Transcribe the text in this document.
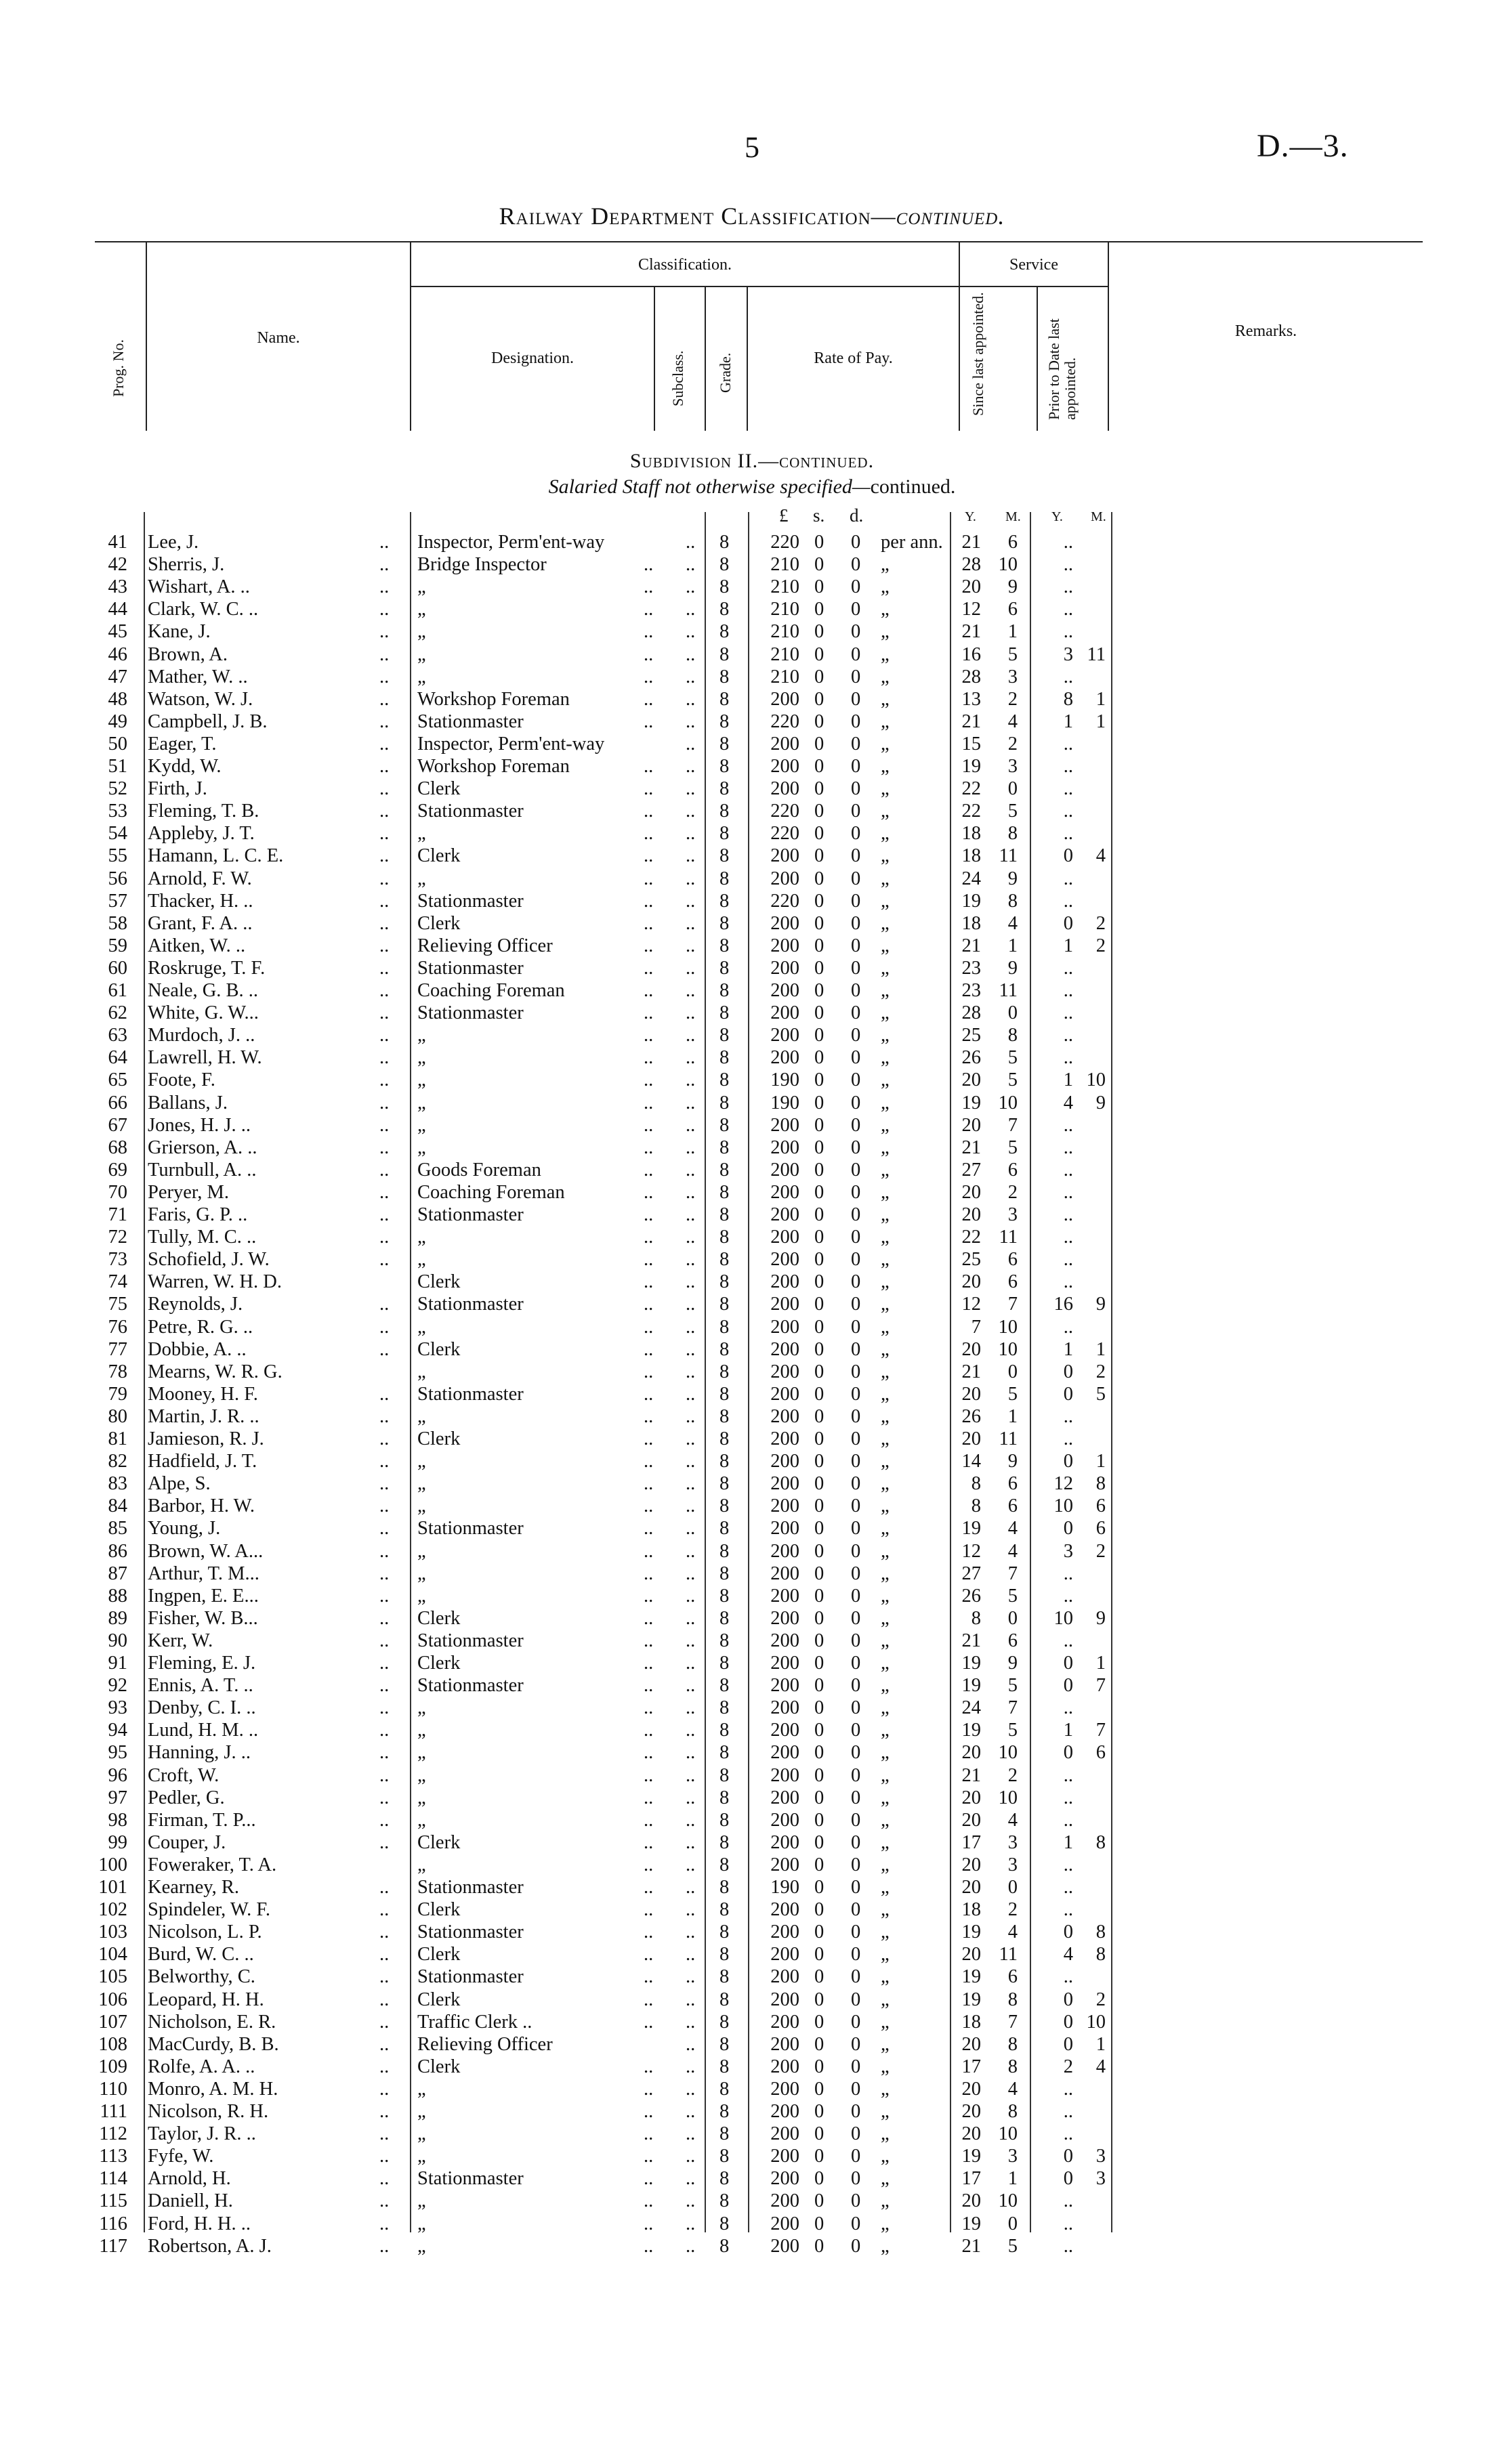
5	D.—3.
Railway Department Classification—continued.
Prog. No.
Name.
Classification.
Designation.	Subclass. Grade.	Rate of Pay.
Service
Since last appointed.	Prior to Date last appointed.
Remarks.
Subdivision II.—continued.
Salaried Staff not otherwise specified—continued.
£ s. d.	Y. M. Y. M.
41 Lee, J.	.. Inspector, Perm'ent-way	.. 8	220 0 0 per ann. 21	6	..
42 Sherris, J.	.. Bridge Inspector	.. .. 8	210 0 0 „	28 10	..
43 Wishart, A. ..	.. „	.. .. 8	210 0 0 „	20	9	..
44 Clark, W. C. ..	.. „	.. .. 8	210 0 0 „	12	6	..
45 Kane, J.	.. „	.. .. 8	210 0 0 „	21	1	..
46 Brown, A.	.. „	.. .. 8	210 0 0 „	16	5	3 11
47 Mather, W. ..	.. „	.. .. 8	210 0 0 „	28	3	..
48 Watson, W. J.	.. Workshop Foreman	.. .. 8	200 0 0 „	13	2	8	1
49 Campbell, J. B.	.. Stationmaster	.. .. 8	220 0 0 „	21	4	1	1
50 Eager, T.	.. Inspector, Perm'ent-way	.. 8	200 0 0 „	15	2	..
51 Kydd, W.	.. Workshop Foreman	.. .. 8	200 0 0 „	19	3	..
52 Firth, J.	.. Clerk	.. .. 8	200 0 0 „	22	0	..
53 Fleming, T. B.	.. Stationmaster	.. .. 8	220 0 0 „	22	5	..
54 Appleby, J. T.	.. „	.. .. 8	220 0 0 „	18	8	..
55 Hamann, L. C. E.	.. Clerk	.. .. 8	200 0 0 „	18 11	0	4
56 Arnold, F. W.	.. „	.. .. 8	200 0 0 „	24	9	..
57 Thacker, H. ..	.. Stationmaster	.. .. 8	220 0 0 „	19	8	..
58 Grant, F. A. ..	.. Clerk	.. .. 8	200 0 0 „	18	4	0	2
59 Aitken, W. ..	.. Relieving Officer	.. .. 8	200 0 0 „	21	1	1	2
60 Roskruge, T. F.	.. Stationmaster	.. .. 8	200 0 0 „	23	9	..
61 Neale, G. B. ..	.. Coaching Foreman	.. .. 8	200 0 0 „	23 11	..
62 White, G. W...	.. Stationmaster	.. .. 8	200 0 0 „	28	0	..
63 Murdoch, J. ..	.. „	.. .. 8	200 0 0 „	25	8	..
64 Lawrell, H. W.	.. „	.. .. 8	200 0 0 „	26	5	..
65 Foote, F.	.. „	.. .. 8	190 0 0 „	20	5	1 10
66 Ballans, J.	.. „	.. .. 8	190 0 0 „	19 10	4	9
67 Jones, H. J. ..	.. „	.. .. 8	200 0 0 „	20	7	..
68 Grierson, A. ..	.. „	.. .. 8	200 0 0 „	21	5	..
69 Turnbull, A. ..	.. Goods Foreman	.. .. 8	200 0 0 „	27	6	..
70 Peryer, M.	.. Coaching Foreman	.. .. 8	200 0 0 „	20	2	..
71 Faris, G. P. ..	.. Stationmaster	.. .. 8	200 0 0 „	20	3	..
72 Tully, M. C. ..	.. „	.. .. 8	200 0 0 „	22 11	..
73 Schofield, J. W.	.. „	.. .. 8	200 0 0 „	25	6	..
74 Warren, W. H. D.	Clerk	.. .. 8	200 0 0 „	20	6	..
75 Reynolds, J.	.. Stationmaster	.. .. 8	200 0 0 „	12	7	16	9
76 Petre, R. G. ..	.. „	.. .. 8	200 0 0 „	7 10	..
77 Dobbie, A. ..	.. Clerk	.. .. 8	200 0 0 „	20 10	1	1
78 Mearns, W. R. G.	„	.. .. 8	200 0 0 „	21	0	0	2
79 Mooney, H. F.	.. Stationmaster	.. .. 8	200 0 0 „	20	5	0	5
80 Martin, J. R. ..	.. „	.. .. 8	200 0 0 „	26	1	..
81 Jamieson, R. J.	.. Clerk	.. .. 8	200 0 0 „	20 11	..
82 Hadfield, J. T.	.. „	.. .. 8	200 0 0 „	14	9	0	1
83 Alpe, S.	.. „	.. .. 8	200 0 0 „	8	6	12	8
84 Barbor, H. W.	.. „	.. .. 8	200 0 0 „	8	6	10	6
85 Young, J.	.. Stationmaster	.. .. 8	200 0 0 „	19	4	0	6
86 Brown, W. A...	.. „	.. .. 8	200 0 0 „	12	4	3	2
87 Arthur, T. M...	.. „	.. .. 8	200 0 0 „	27	7	..
88 Ingpen, E. E...	.. „	.. .. 8	200 0 0 „	26	5	..
89 Fisher, W. B...	.. Clerk	.. .. 8	200 0 0 „	8	0	10	9
90 Kerr, W.	.. Stationmaster	.. .. 8	200 0 0 „	21	6	..
91 Fleming, E. J.	.. Clerk	.. .. 8	200 0 0 „	19	9	0	1
92 Ennis, A. T. ..	.. Stationmaster	.. .. 8	200 0 0 „	19	5	0	7
93 Denby, C. I. ..	.. „	.. .. 8	200 0 0 „	24	7	..
94 Lund, H. M. ..	.. „	.. .. 8	200 0 0 „	19	5	1	7
95 Hanning, J. ..	.. „	.. .. 8	200 0 0 „	20 10	0	6
96 Croft, W.	.. „	.. .. 8	200 0 0 „	21	2	..
97 Pedler, G.	.. „	.. .. 8	200 0 0 „	20 10	..
98 Firman, T. P...	.. „	.. .. 8	200 0 0 „	20	4	..
99 Couper, J.	.. Clerk	.. .. 8	200 0 0 „	17	3	1	8
100 Foweraker, T. A.	„	.. .. 8	200 0 0 „	20	3	..
101 Kearney, R.	.. Stationmaster	.. .. 8	190 0 0 „	20	0	..
102 Spindeler, W. F.	.. Clerk	.. .. 8	200 0 0 „	18	2	..
103 Nicolson, L. P.	.. Stationmaster	.. .. 8	200 0 0 „	19	4	0	8
104 Burd, W. C. ..	.. Clerk	.. .. 8	200 0 0 „	20 11	4	8
105 Belworthy, C.	.. Stationmaster	.. .. 8	200 0 0 „	19	6	..
106 Leopard, H. H.	.. Clerk	.. .. 8	200 0 0 „	19	8	0	2
107 Nicholson, E. R.	.. Traffic Clerk ..	.. .. 8	200 0 0 „	18	7	0 10
108 MacCurdy, B. B.	.. Relieving Officer	.. 8	200 0 0 „	20	8	0	1
109 Rolfe, A. A. ..	.. Clerk	.. .. 8	200 0 0 „	17	8	2	4
110 Monro, A. M. H.	.. „	.. .. 8	200 0 0 „	20	4	..
111 Nicolson, R. H.	.. „	.. .. 8	200 0 0 „	20	8	..
112 Taylor, J. R. ..	.. „	.. .. 8	200 0 0 „	20 10	..
113 Fyfe, W.	.. „	.. .. 8	200 0 0 „	19	3	0	3
114 Arnold, H.	.. Stationmaster	.. .. 8	200 0 0 „	17	1	0	3
115 Daniell, H.	.. „	.. .. 8	200 0 0 „	20 10	..
116 Ford, H. H. ..	.. „	.. .. 8	200 0 0 „	19	0	..
117 Robertson, A. J.	.. „	.. .. 8	200 0 0 „	21	5	..
